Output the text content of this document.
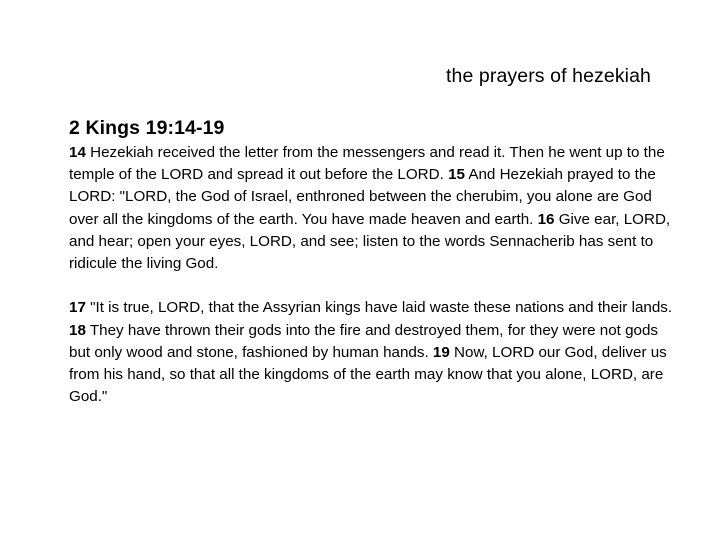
the prayers of hezekiah
2 Kings 19:14-19

14 Hezekiah received the letter from the messengers and read it. Then he went up to the temple of the LORD and spread it out before the LORD. 15 And Hezekiah prayed to the LORD: "LORD, the God of Israel, enthroned between the cherubim, you alone are God over all the kingdoms of the earth. You have made heaven and earth. 16 Give ear, LORD, and hear; open your eyes, LORD, and see; listen to the words Sennacherib has sent to ridicule the living God.

17 "It is true, LORD, that the Assyrian kings have laid waste these nations and their lands. 18 They have thrown their gods into the fire and destroyed them, for they were not gods but only wood and stone, fashioned by human hands. 19 Now, LORD our God, deliver us from his hand, so that all the kingdoms of the earth may know that you alone, LORD, are God."
